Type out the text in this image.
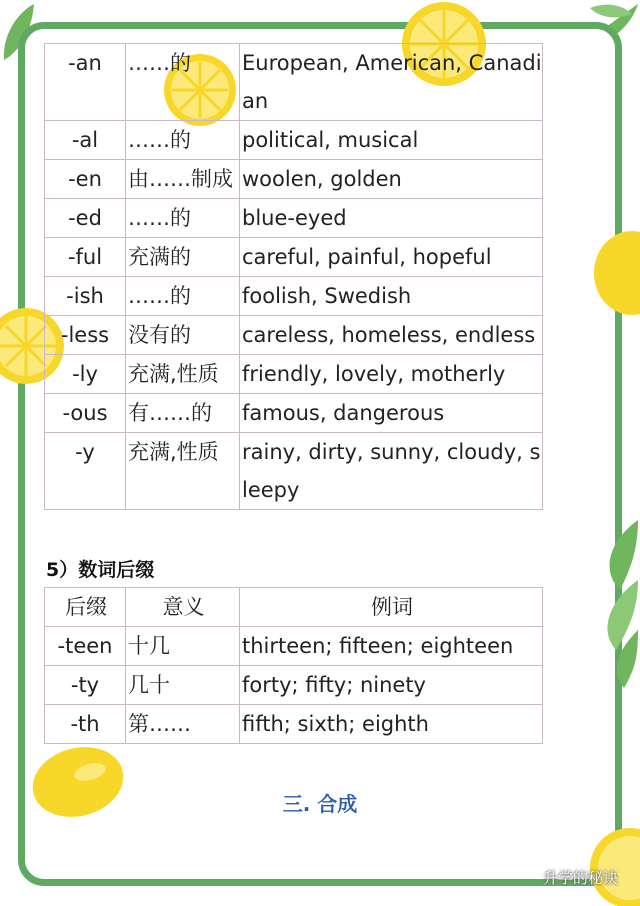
-an	……的	European, American, Canadian
-al	……的	political, musical
-en	由……制成	woolen, golden
-ed	……的	blue-eyed
-ful	充满的	careful, painful, hopeful
-ish	……的	foolish, Swedish
-less	没有的	careless, homeless, endless
-ly	充满,性质	friendly, lovely, motherly
-ous	有……的	famous, dangerous
-y	充满,性质	rainy, dirty, sunny, cloudy, sleepy
5）数词后缀
后缀	意义	例词
-teen	十几	thirteen; fifteen; eighteen
-ty	几十	forty; fifty; ninety
-th	第……	fifth; sixth; eighth
三. 合成
升学的秘诀
